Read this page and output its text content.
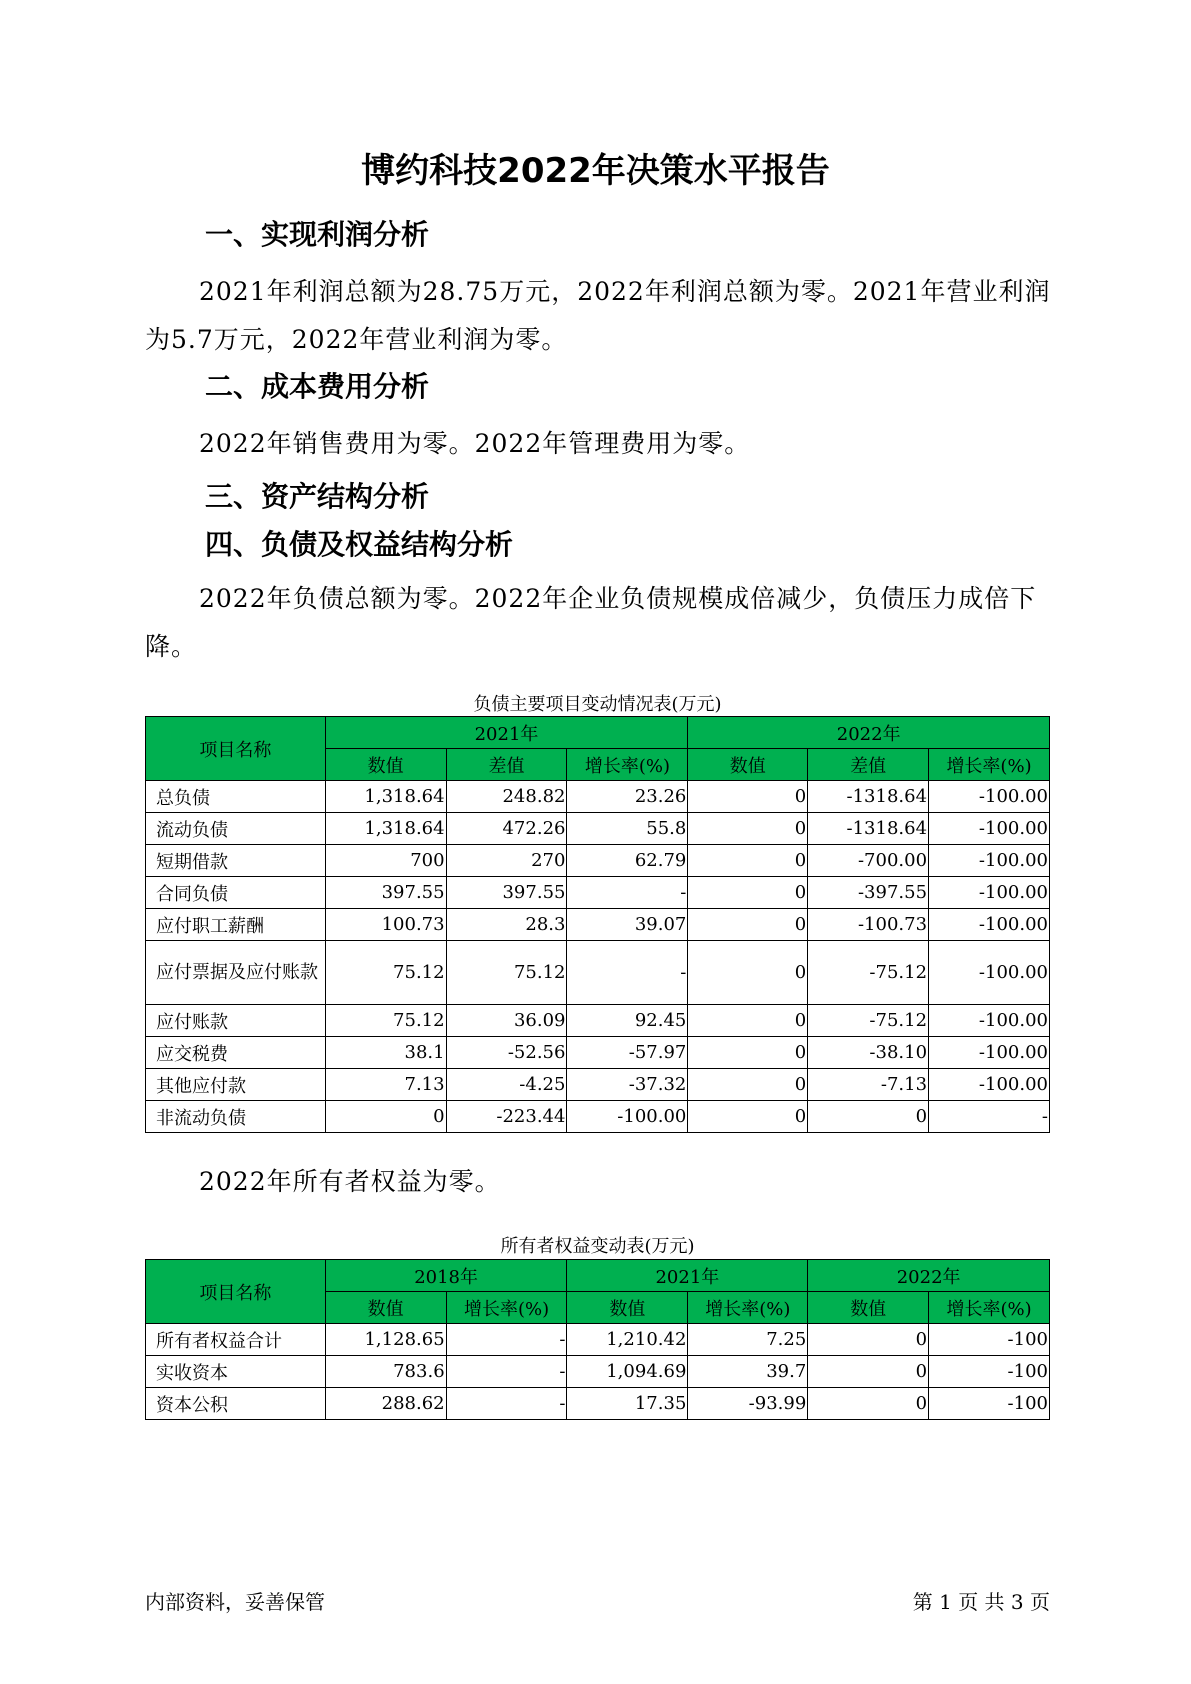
博约科技2022年决策水平报告
一、实现利润分析
2021年利润总额为28.75万元，2022年利润总额为零。2021年营业利润为5.7万元，2022年营业利润为零。
二、成本费用分析
2022年销售费用为零。2022年管理费用为零。
三、资产结构分析
四、负债及权益结构分析
2022年负债总额为零。2022年企业负债规模成倍减少，负债压力成倍下降。
负债主要项目变动情况表(万元)
项目名称	2021年			2022年		
	数值	差值	增长率(%)	数值	差值	增长率(%)
总负债	1,318.64	248.82	23.26	0	-1318.64	-100.00
流动负债	1,318.64	472.26	55.8	0	-1318.64	-100.00
短期借款	700	270	62.79	0	-700.00	-100.00
合同负债	397.55	397.55	-	0	-397.55	-100.00
应付职工薪酬	100.73	28.3	39.07	0	-100.73	-100.00
应付票据及应付账款	75.12	75.12	-	0	-75.12	-100.00
应付账款	75.12	36.09	92.45	0	-75.12	-100.00
应交税费	38.1	-52.56	-57.97	0	-38.10	-100.00
其他应付款	7.13	-4.25	-37.32	0	-7.13	-100.00
非流动负债	0	-223.44	-100.00	0	0	-
2022年所有者权益为零。
所有者权益变动表(万元)
项目名称	2018年		2021年		2022年	
	数值	增长率(%)	数值	增长率(%)	数值	增长率(%)
所有者权益合计	1,128.65	-	1,210.42	7.25	0	-100
实收资本	783.6	-	1,094.69	39.7	0	-100
资本公积	288.62	-	17.35	-93.99	0	-100
内部资料，妥善保管	第 1 页 共 3 页
